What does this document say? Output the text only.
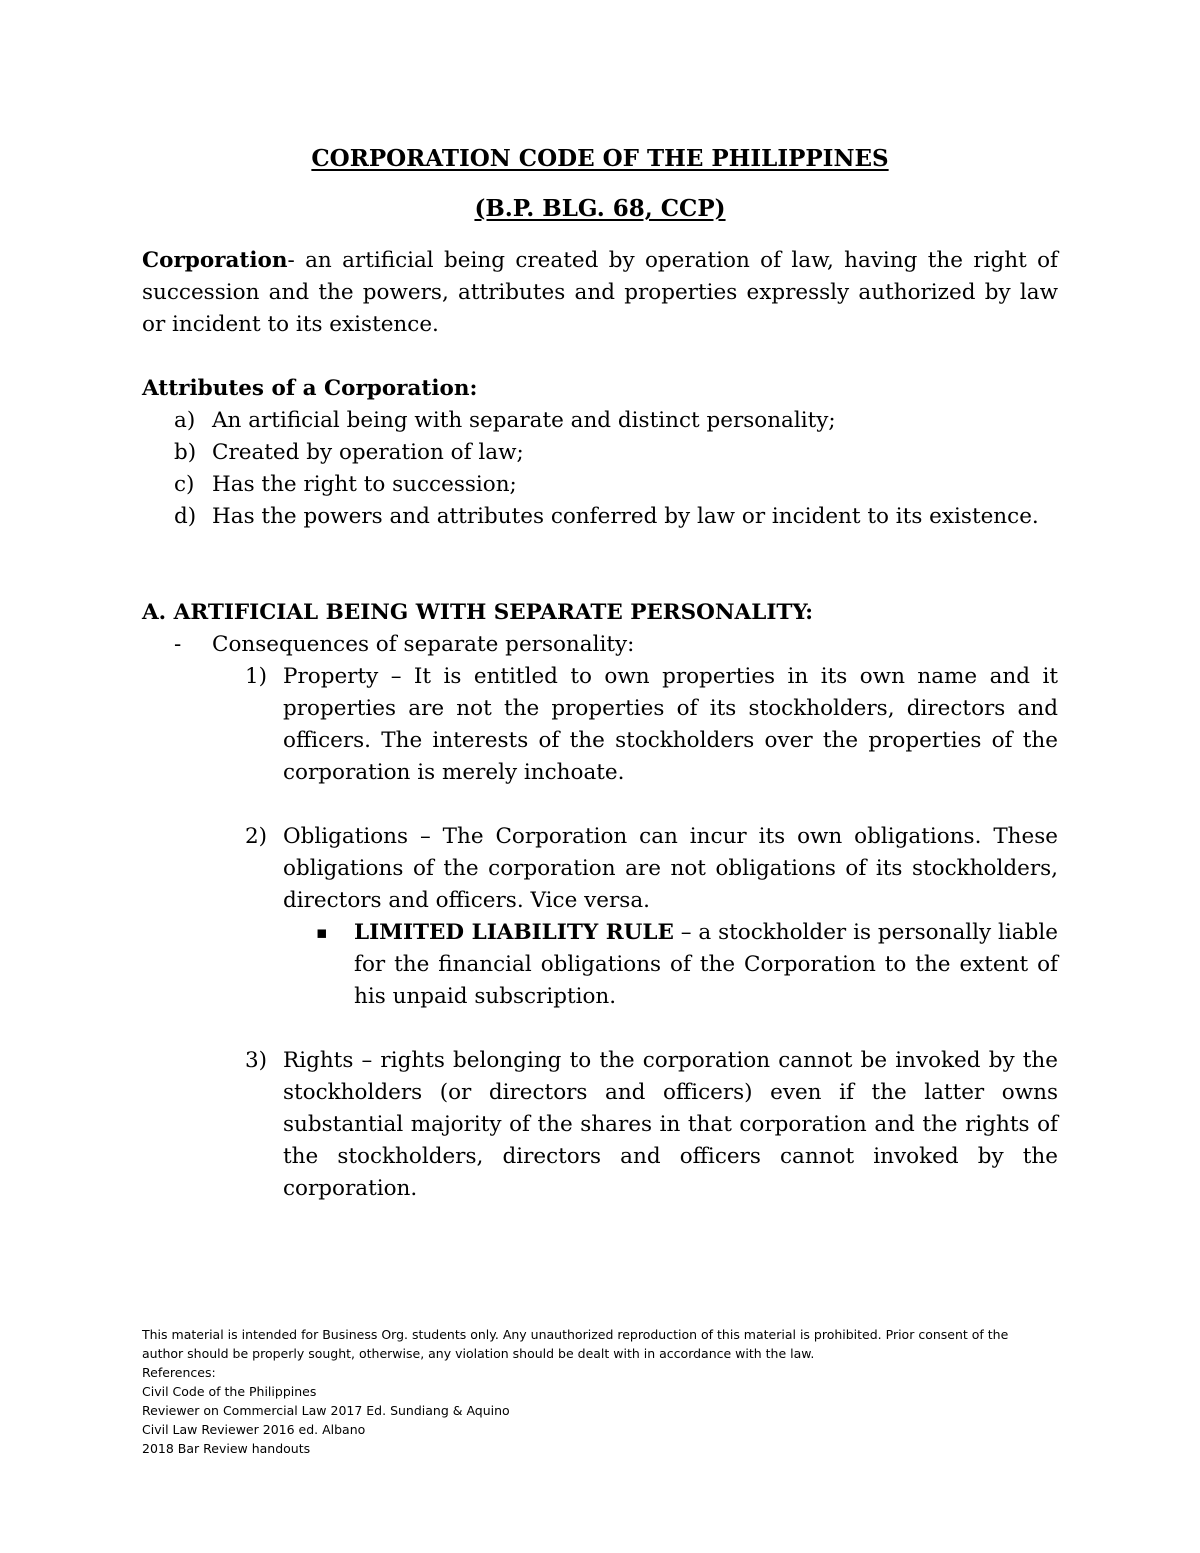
CORPORATION CODE OF THE PHILIPPINES
(B.P. BLG. 68, CCP)
Corporation- an artificial being created by operation of law, having the right of succession and the powers, attributes and properties expressly authorized by law or incident to its existence.
Attributes of a Corporation:
a) An artificial being with separate and distinct personality;
b) Created by operation of law;
c) Has the right to succession;
d) Has the powers and attributes conferred by law or incident to its existence.
A. ARTIFICIAL BEING WITH SEPARATE PERSONALITY:
- Consequences of separate personality:
1) Property – It is entitled to own properties in its own name and it properties are not the properties of its stockholders, directors and officers. The interests of the stockholders over the properties of the corporation is merely inchoate.
2) Obligations – The Corporation can incur its own obligations. These obligations of the corporation are not obligations of its stockholders, directors and officers. Vice versa.
▪ LIMITED LIABILITY RULE – a stockholder is personally liable for the financial obligations of the Corporation to the extent of his unpaid subscription.
3) Rights – rights belonging to the corporation cannot be invoked by the stockholders (or directors and officers) even if the latter owns substantial majority of the shares in that corporation and the rights of the stockholders, directors and officers cannot invoked by the corporation.
This material is intended for Business Org. students only. Any unauthorized reproduction of this material is prohibited. Prior consent of the
author should be properly sought, otherwise, any violation should be dealt with in accordance with the law.
References:
Civil Code of the Philippines
Reviewer on Commercial Law 2017 Ed. Sundiang & Aquino
Civil Law Reviewer 2016 ed. Albano
2018 Bar Review handouts
